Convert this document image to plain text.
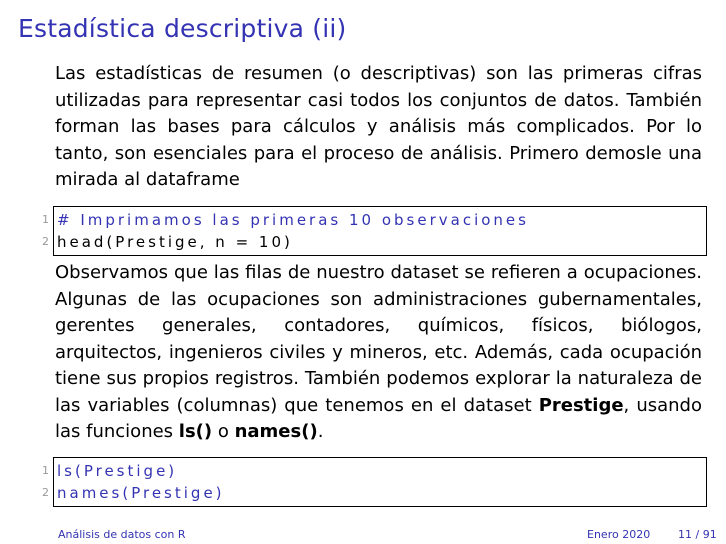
Estadística descriptiva (ii)
Las estadísticas de resumen (o descriptivas) son las primeras cifras utilizadas para representar casi todos los conjuntos de datos. También forman las bases para cálculos y análisis más complicados. Por lo tanto, son esenciales para el proceso de análisis. Primero demosle una mirada al dataframe
1 # Imprimamos las primeras 10 observaciones
2 head(Prestige, n = 10)
Observamos que las filas de nuestro dataset se refieren a ocupaciones. Algunas de las ocupaciones son administraciones gubernamentales, gerentes generales, contadores, químicos, físicos, biólogos, arquitectos, ingenieros civiles y mineros, etc. Además, cada ocupación tiene sus propios registros. También podemos explorar la naturaleza de las variables (columnas) que tenemos en el dataset Prestige, usando las funciones ls() o names().
1 ls(Prestige)
2 names(Prestige)
Análisis de datos con R	Enero 2020	11 / 91
